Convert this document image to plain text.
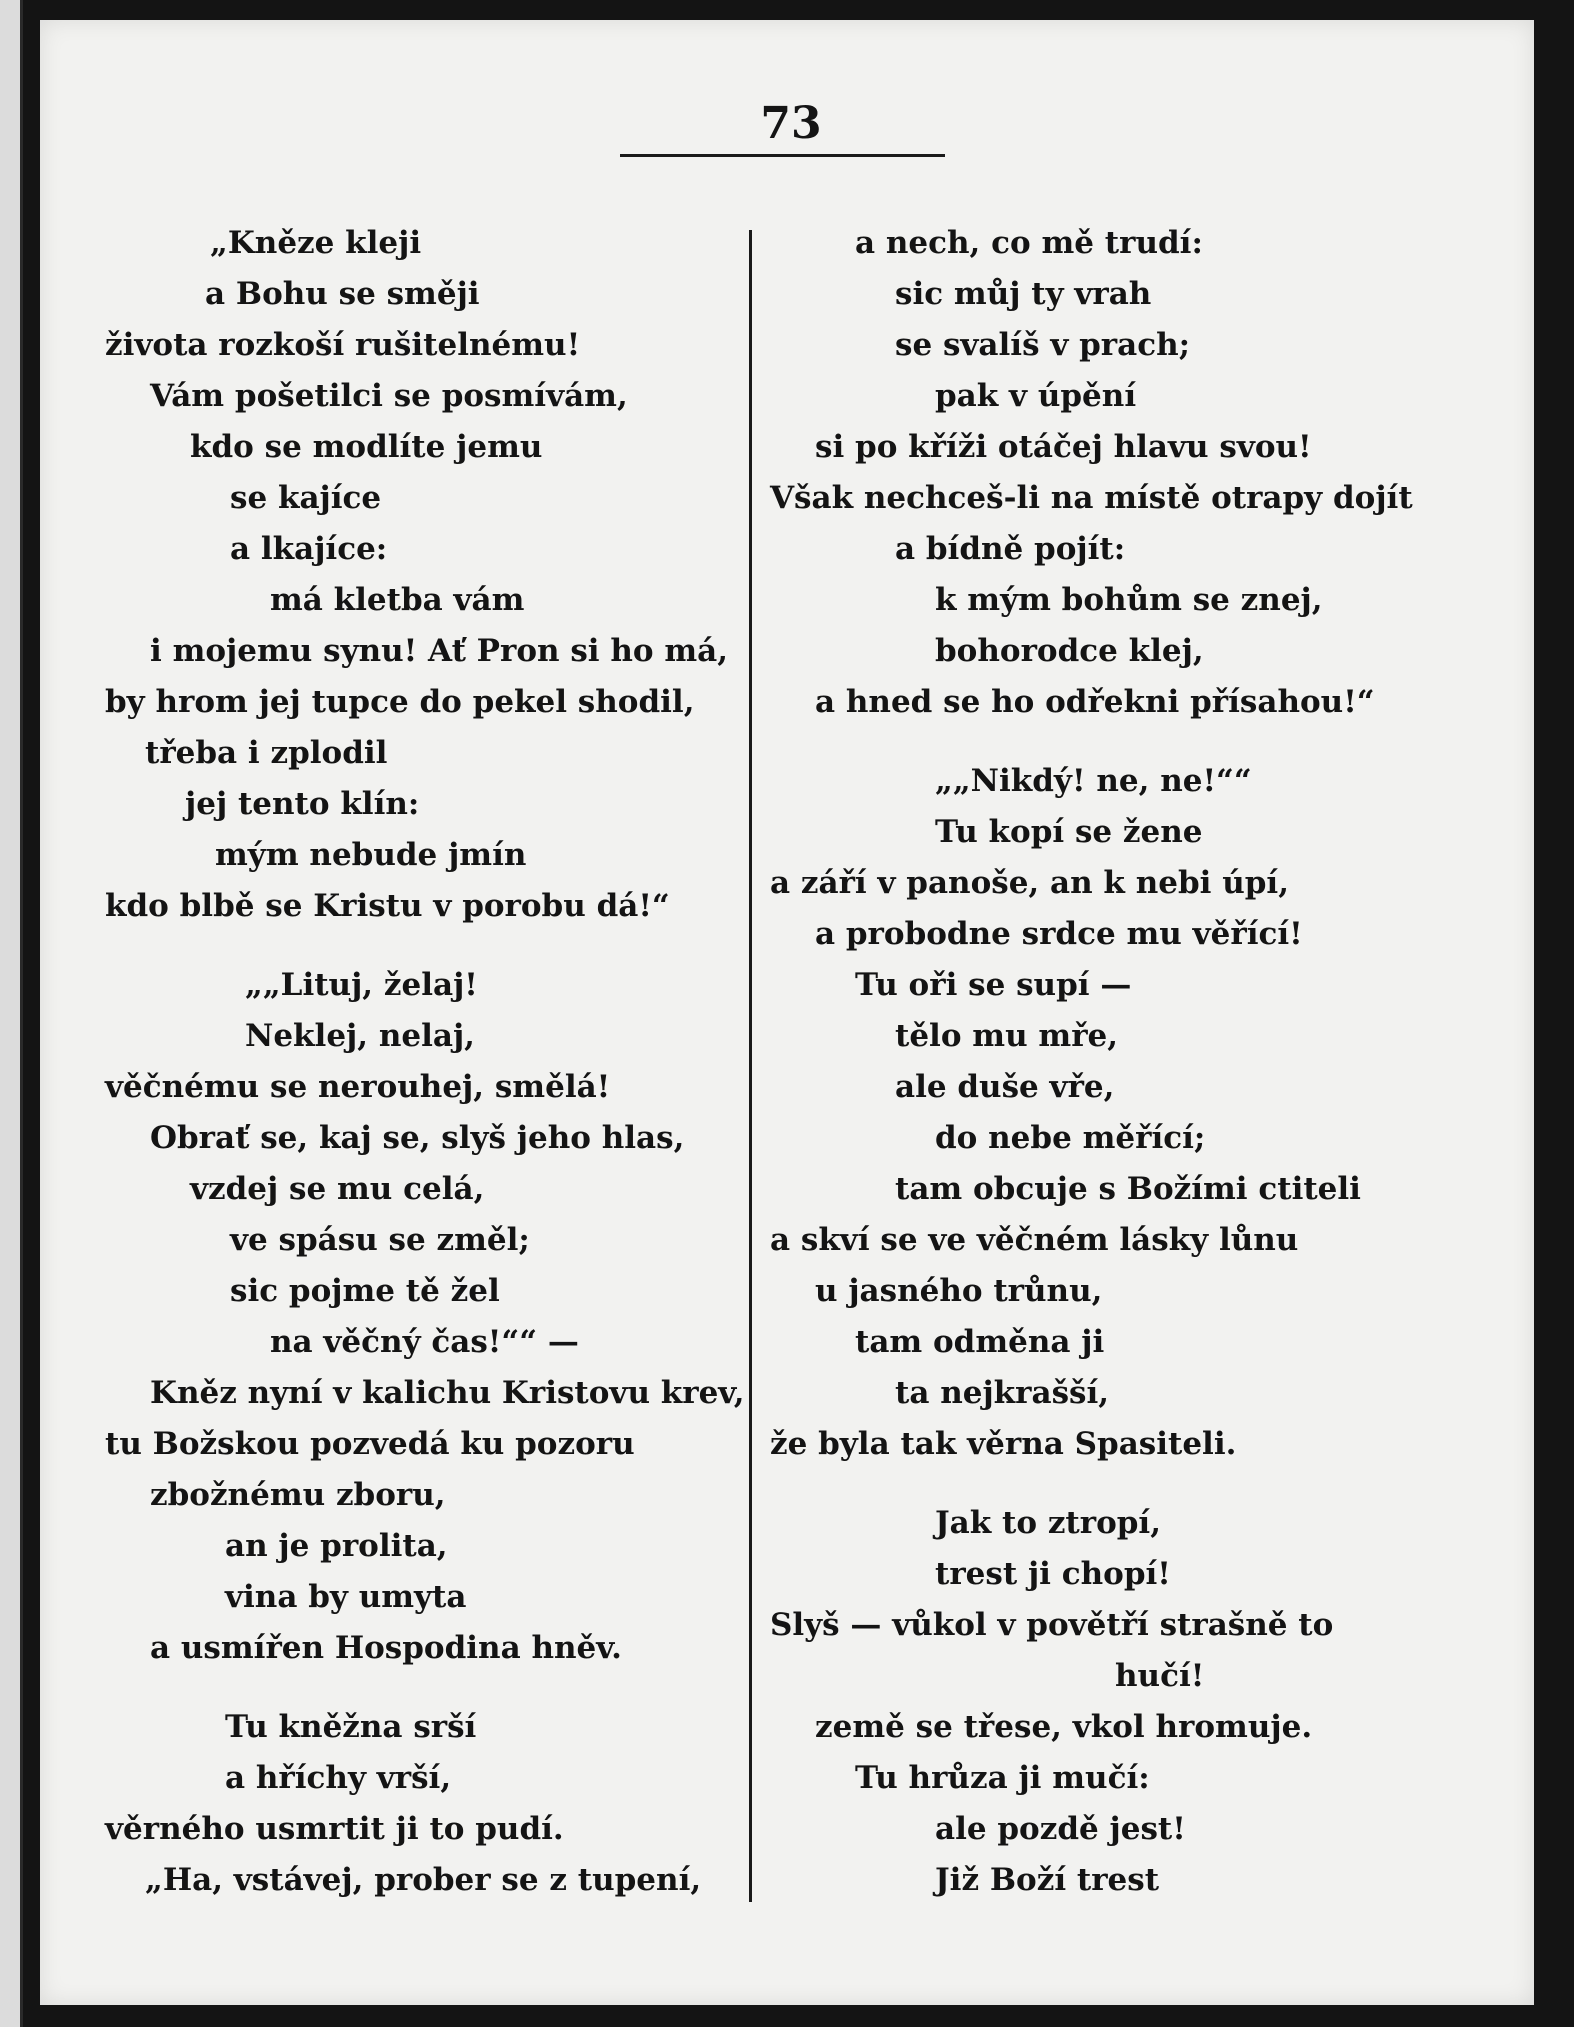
73
„Kněze kleji
a Bohu se směji
života rozkoší rušitelnému!
Vám pošetilci se posmívám,
kdo se modlíte jemu
se kajíce
a lkajíce:
má kletba vám
i mojemu synu! Ať Pron si ho má,
by hrom jej tupce do pekel shodil,
třeba i zplodil
jej tento klín:
mým nebude jmín
kdo blbě se Kristu v porobu dá!“
„„Lituj, želaj!
Neklej, nelaj,
věčnému se nerouhej, smělá!
Obrať se, kaj se, slyš jeho hlas,
vzdej se mu celá,
ve spásu se změl;
sic pojme tě žel
na věčný čas!““ —
Kněz nyní v kalichu Kristovu krev,
tu Božskou pozvedá ku pozoru
zbožnému zboru,
an je prolita,
vina by umyta
a usmířen Hospodina hněv.
Tu kněžna srší
a hříchy vrší,
věrného usmrtit ji to pudí.
„Ha, vstávej, prober se z tupení,
a nech, co mě trudí:
sic můj ty vrah
se svalíš v prach;
pak v úpění
si po kříži otáčej hlavu svou!
Však nechceš-li na místě otrapy dojít
a bídně pojít:
k mým bohům se znej,
bohorodce klej,
a hned se ho odřekni přísahou!“
„„Nikdý! ne, ne!““
Tu kopí se žene
a září v panoše, an k nebi úpí,
a probodne srdce mu věřící!
Tu oři se supí —
tělo mu mře,
ale duše vře,
do nebe měřící;
tam obcuje s Božími ctiteli
a skví se ve věčném lásky lůnu
u jasného trůnu,
tam odměna ji
ta nejkrašší,
že byla tak věrna Spasiteli.
Jak to ztropí,
trest ji chopí!
Slyš — vůkol v povětří strašně to
hučí!
země se třese, vkol hromuje.
Tu hrůza ji mučí:
ale pozdě jest!
Již Boží trest
